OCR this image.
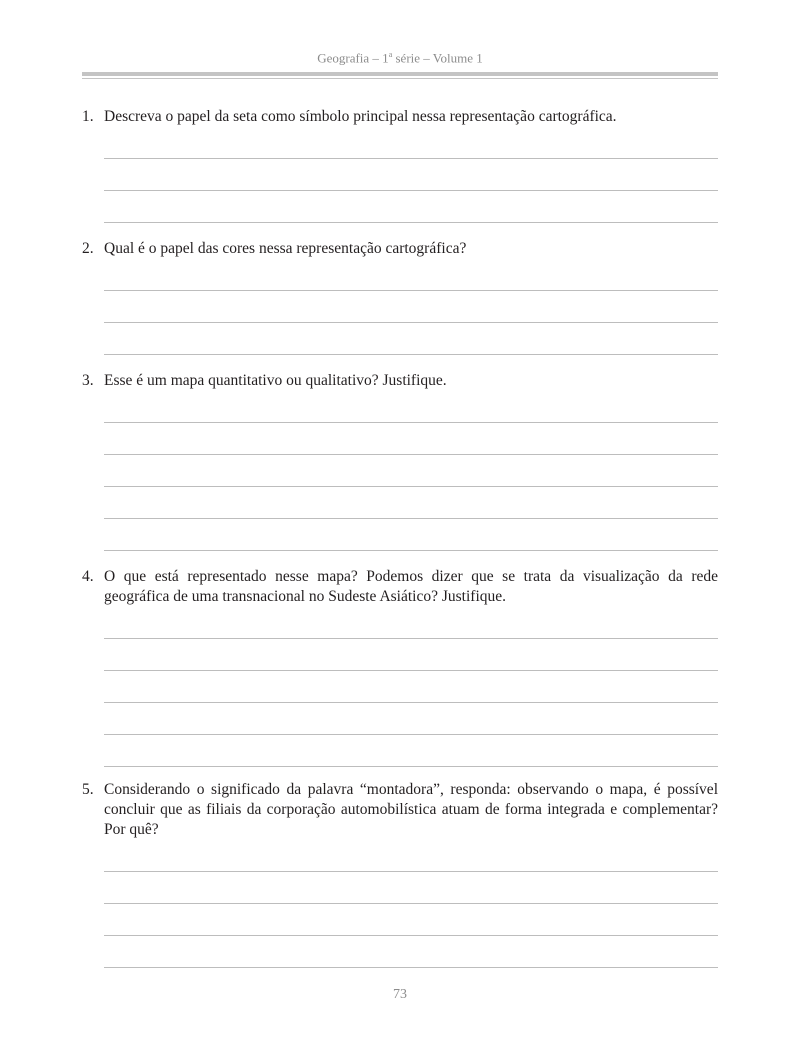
Geografia – 1$^a$ série – Volume 1
1. Descreva o papel da seta como símbolo principal nessa representação cartográfica.
2. Qual é o papel das cores nessa representação cartográfica?
3. Esse é um mapa quantitativo ou qualitativo? Justifique.
4. O que está representado nesse mapa? Podemos dizer que se trata da visualização da rede geográfica de uma transnacional no Sudeste Asiático? Justifique.
5. Considerando o significado da palavra “montadora”, responda: observando o mapa, é possível concluir que as filiais da corporação automobilística atuam de forma integrada e complementar? Por quê?
73
